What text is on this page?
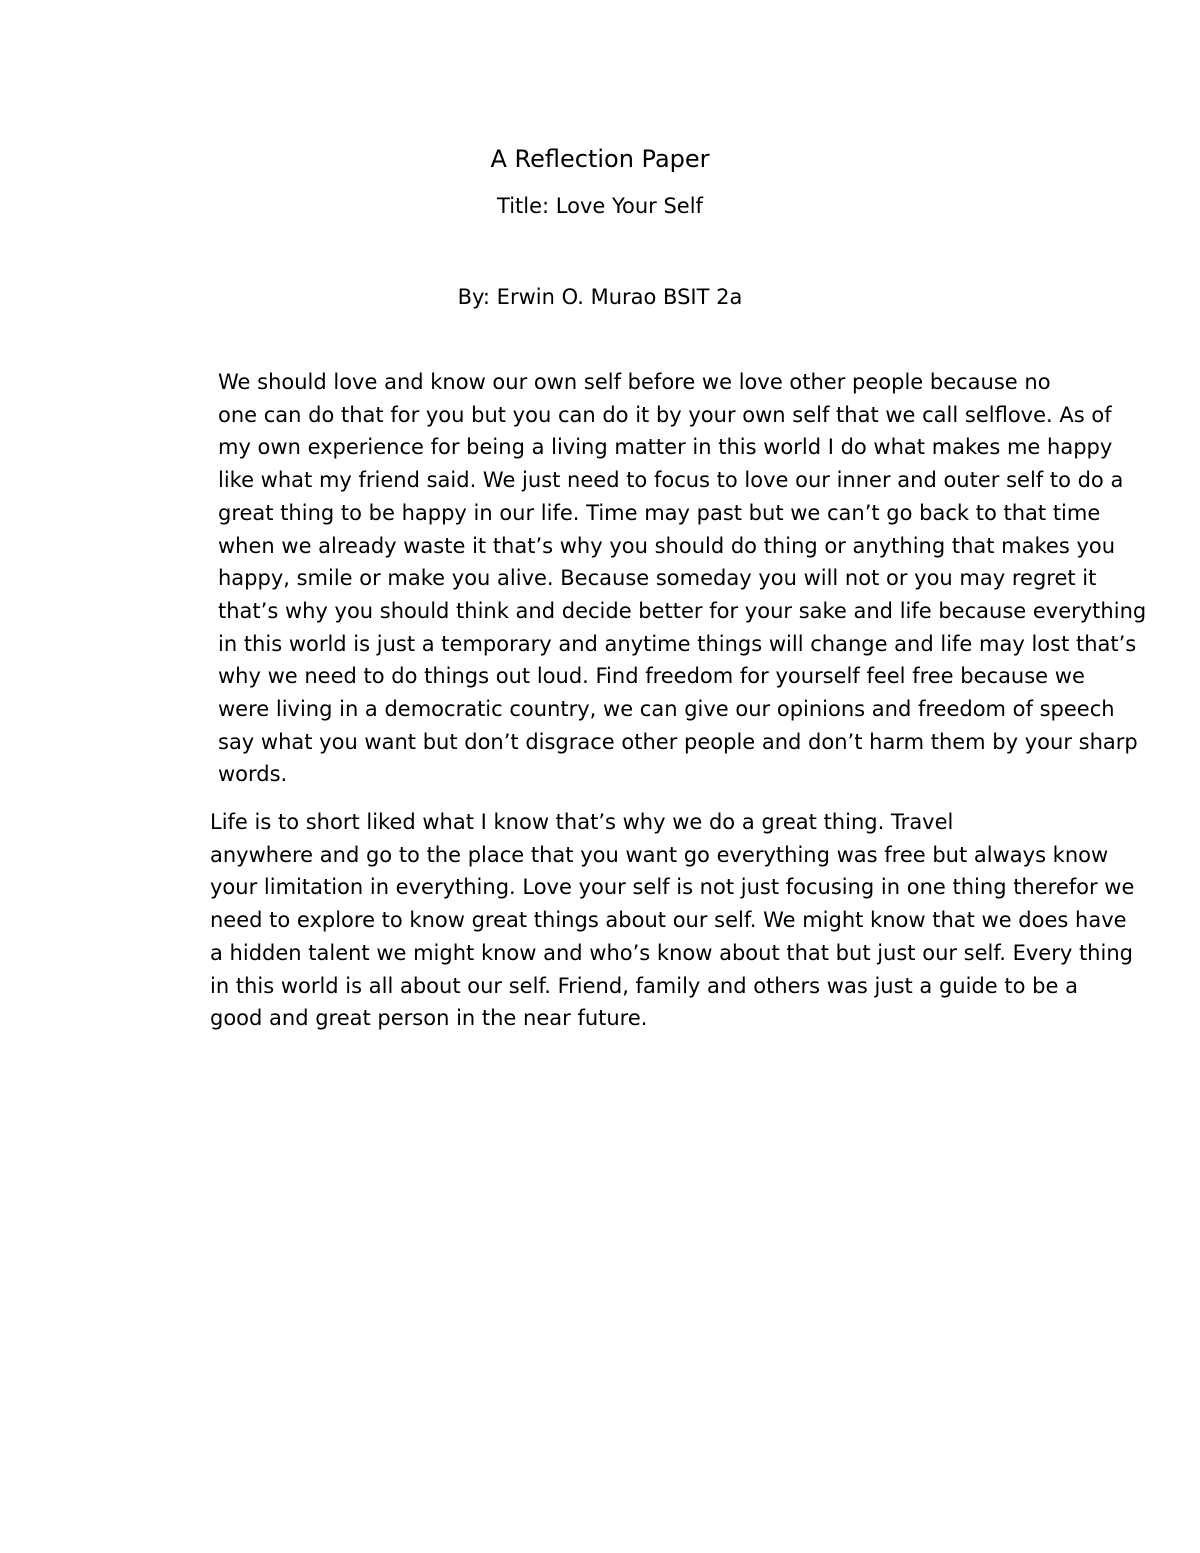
A Reflection Paper
Title: Love Your Self

By: Erwin O. Murao BSIT 2a

We should love and know our own self before we love other people because no
one can do that for you but you can do it by your own self that we call selflove. As of
my own experience for being a living matter in this world I do what makes me happy
like what my friend said. We just need to focus to love our inner and outer self to do a
great thing to be happy in our life. Time may past but we can’t go back to that time
when we already waste it that’s why you should do thing or anything that makes you
happy, smile or make you alive. Because someday you will not or you may regret it
that’s why you should think and decide better for your sake and life because everything
in this world is just a temporary and anytime things will change and life may lost that’s
why we need to do things out loud. Find freedom for yourself feel free because we
were living in a democratic country, we can give our opinions and freedom of speech
say what you want but don’t disgrace other people and don’t harm them by your sharp
words.

Life is to short liked what I know that’s why we do a great thing. Travel
anywhere and go to the place that you want go everything was free but always know
your limitation in everything. Love your self is not just focusing in one thing therefor we
need to explore to know great things about our self. We might know that we does have
a hidden talent we might know and who’s know about that but just our self. Every thing
in this world is all about our self. Friend, family and others was just a guide to be a
good and great person in the near future.
